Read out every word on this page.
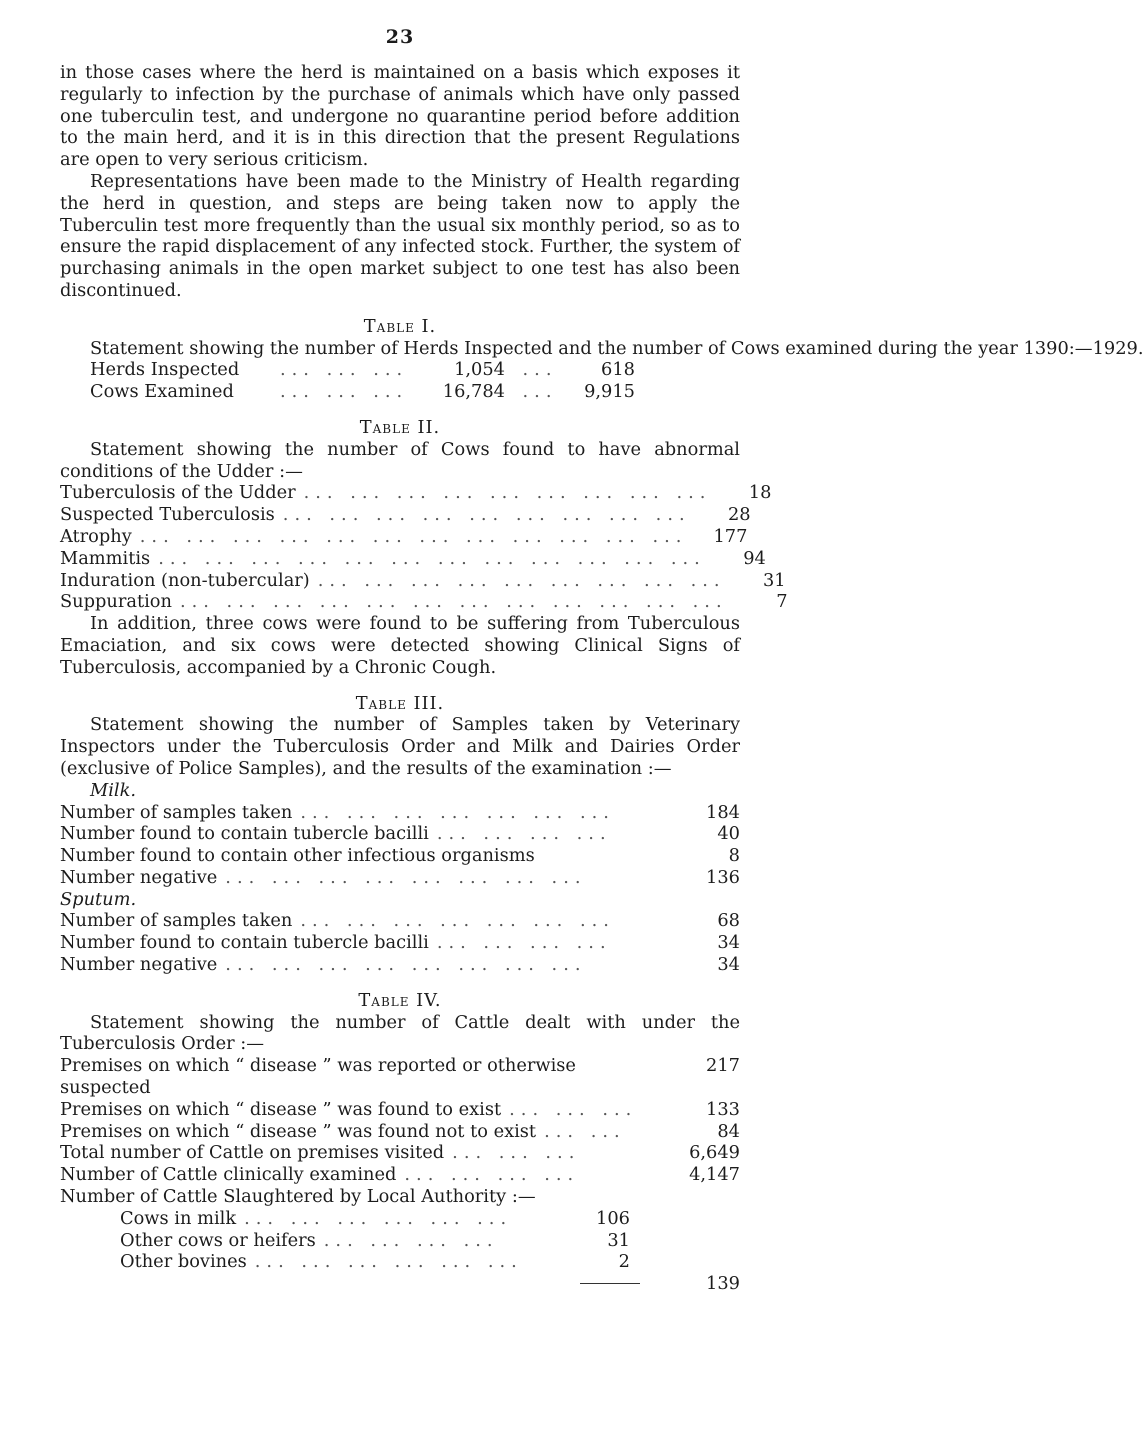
23

in those cases where the herd is maintained on a basis which exposes it regularly to infection by the purchase of animals which have only passed one tuberculin test, and undergone no quarantine period before addition to the main herd, and it is in this direction that the present Regulations are open to very serious criticism.

Representations have been made to the Ministry of Health regarding the herd in question, and steps are being taken now to apply the Tuberculin test more frequently than the usual six monthly period, so as to ensure the rapid displacement of any infected stock. Further, the system of purchasing animals in the open market subject to one test has also been discontinued.

Table I.
Statement showing the number of Herds Inspected and the number of Cows examined during the year 1390:— 1929.
Herds Inspected	... ... ...	1,054 ...	618
Cows Examined	... ... ...	16,784 ...	9,915
Table II.

Statement showing the number of Cows found to have abnormal conditions of the Udder :—

Tuberculosis of the Udder ... ... ... ... ... ... ... ... ...	18
Suspected Tuberculosis ... ... ... ... ... ... ... ... ...	28
Atrophy ... ... ... ... ... ... ... ... ... ... ... ...	177
Mammitis ... ... ... ... ... ... ... ... ... ... ... ...	94
Induration (non-tubercular) ... ... ... ... ... ... ... ... ...	31
Suppuration ... ... ... ... ... ... ... ... ... ... ... ...	7

In addition, three cows were found to be suffering from Tuberculous Emaciation, and six cows were detected showing Clinical Signs of Tuberculosis, accompanied by a Chronic Cough.

Table III.

Statement showing the number of Samples taken by Veterinary Inspectors under the Tuberculosis Order and Milk and Dairies Order (exclusive of Police Samples), and the results of the examination :—

Milk.
Number of samples taken ... ... ... ... ... ... ...	184
Number found to contain tubercle bacilli ... ... ... ...	40
Number found to contain other infectious organisms	8
Number negative ... ... ... ... ... ... ... ...	136
Sputum.
Number of samples taken ... ... ... ... ... ... ...	68
Number found to contain tubercle bacilli ... ... ... ...	34
Number negative ... ... ... ... ... ... ... ...	34
Table IV.

Statement showing the number of Cattle dealt with under the Tuberculosis Order :—

Premises on which “ disease ” was reported or otherwise suspected
217
Premises on which “ disease ” was found to exist ... ... ...	133
Premises on which “ disease ” was found not to exist ... ...	84
Total number of Cattle on premises visited ... ... ...	6,649
Number of Cattle clinically examined ... ... ... ...	4,147
Number of Cattle Slaughtered by Local Authority :—
Cows in milk ... ... ... ... ... ...	106
Other cows or heifers ... ... ... ...	31
Other bovines ... ... ... ... ... ...	2
139
